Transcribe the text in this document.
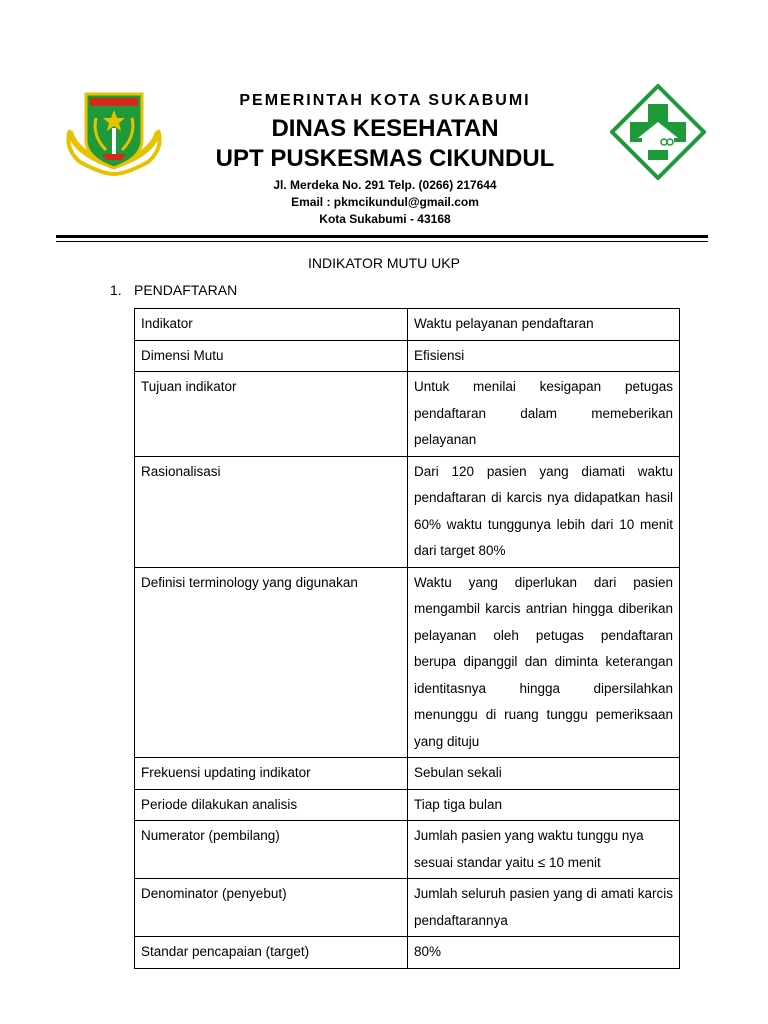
PEMERINTAH KOTA SUKABUMI
DINAS KESEHATAN
UPT PUSKESMAS CIKUNDUL
Jl. Merdeka No. 291 Telp. (0266) 217644
Email : pkmcikundul@gmail.com
Kota Sukabumi - 43168
INDIKATOR MUTU UKP
1. PENDAFTARAN
Indikator	Waktu pelayanan pendaftaran
Dimensi Mutu	Efisiensi
Tujuan indikator	Untuk menilai kesigapan petugas pendaftaran dalam memeberikan pelayanan
Rasionalisasi	Dari 120 pasien yang diamati waktu pendaftaran di karcis nya didapatkan hasil 60% waktu tunggunya lebih dari 10 menit dari target 80%
Definisi terminology yang digunakan	Waktu yang diperlukan dari pasien mengambil karcis antrian hingga diberikan pelayanan oleh petugas pendaftaran berupa dipanggil dan diminta keterangan identitasnya hingga dipersilahkan menunggu di ruang tunggu pemeriksaan yang dituju
Frekuensi updating indikator	Sebulan sekali
Periode dilakukan analisis	Tiap tiga bulan
Numerator (pembilang)	Jumlah pasien yang waktu tunggu nya
sesuai standar yaitu ≤ 10 menit

Denominator (penyebut)	Jumlah seluruh pasien yang di amati karcis pendaftarannya
Standar pencapaian (target)	80%
